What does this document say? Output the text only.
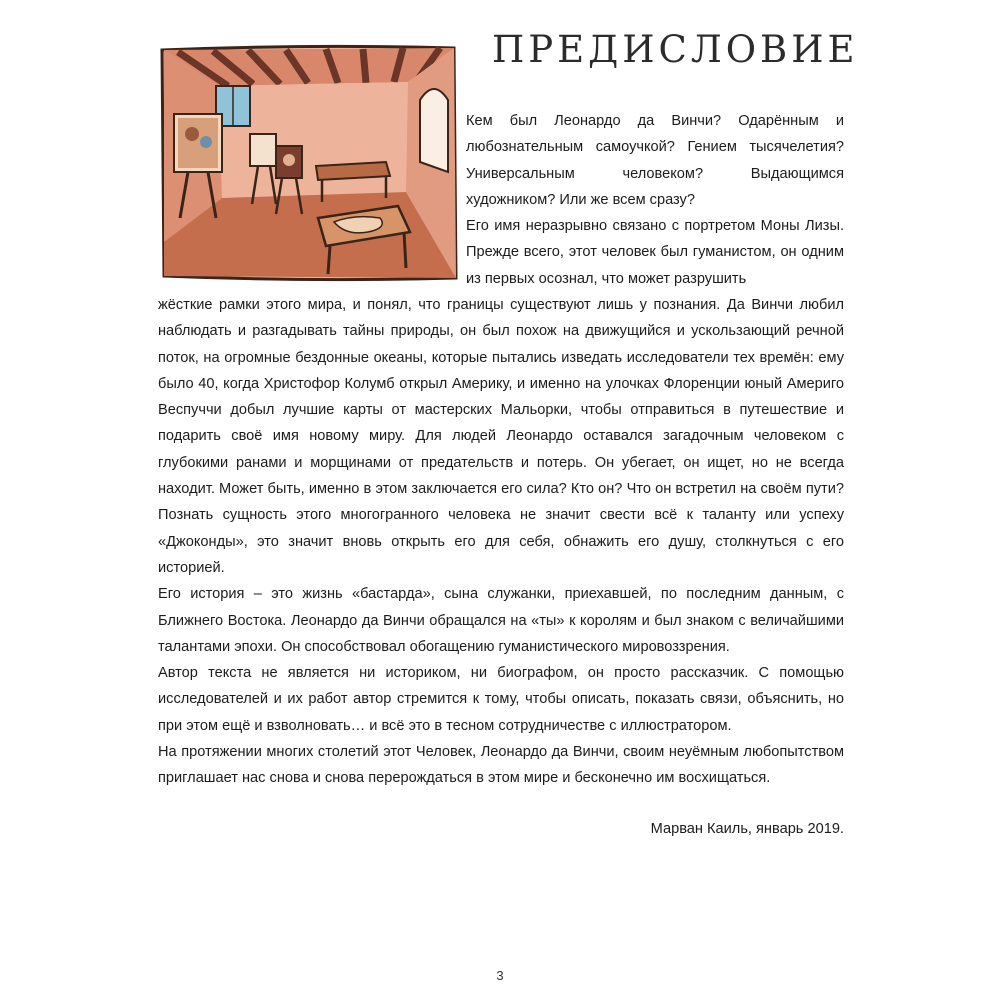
ПРЕДИСЛОВИЕ

Кем был Леонардо да Винчи? Одарённым и любознательным самоучкой? Гением тысячелетия? Универсальным человеком? Выдающимся художником? Или же всем сразу?

Его имя неразрывно связано с портретом Моны Лизы. Прежде всего, этот человек был гуманистом, он одним из первых осознал, что может разрушить

жёсткие рамки этого мира, и понял, что границы существуют лишь у познания. Да Винчи любил наблюдать и разгадывать тайны природы, он был похож на движущийся и ускользающий речной поток, на огромные бездонные океаны, которые пытались изведать исследователи тех времён: ему было 40, когда Христофор Колумб открыл Америку, и именно на улочках Флоренции юный Америго Веспуччи добыл лучшие карты от мастерских Мальорки, чтобы отправиться в путешествие и подарить своё имя новому миру. Для людей Леонардо оставался загадочным человеком с глубокими ранами и морщинами от предательств и потерь. Он убегает, он ищет, но не всегда находит. Может быть, именно в этом заключается его сила? Кто он? Что он встретил на своём пути? Познать сущность этого многогранного человека не значит свести всё к таланту или успеху «Джоконды», это значит вновь открыть его для себя, обнажить его душу, столкнуться с его историей.

Его история – это жизнь «бастарда», сына служанки, приехавшей, по последним данным, с Ближнего Востока. Леонардо да Винчи обращался на «ты» к королям и был знаком с величайшими талантами эпохи. Он способствовал обогащению гуманистического мировоззрения.

Автор текста не является ни историком, ни биографом, он просто рассказчик. С помощью исследователей и их работ автор стремится к тому, чтобы описать, показать связи, объяснить, но при этом ещё и взволновать… и всё это в тесном сотрудничестве с иллюстратором.

На протяжении многих столетий этот Человек, Леонардо да Винчи, своим неуёмным любопытством приглашает нас снова и снова перерождаться в этом мире и бесконечно им восхищаться.

Марван Каиль, январь 2019.
3
